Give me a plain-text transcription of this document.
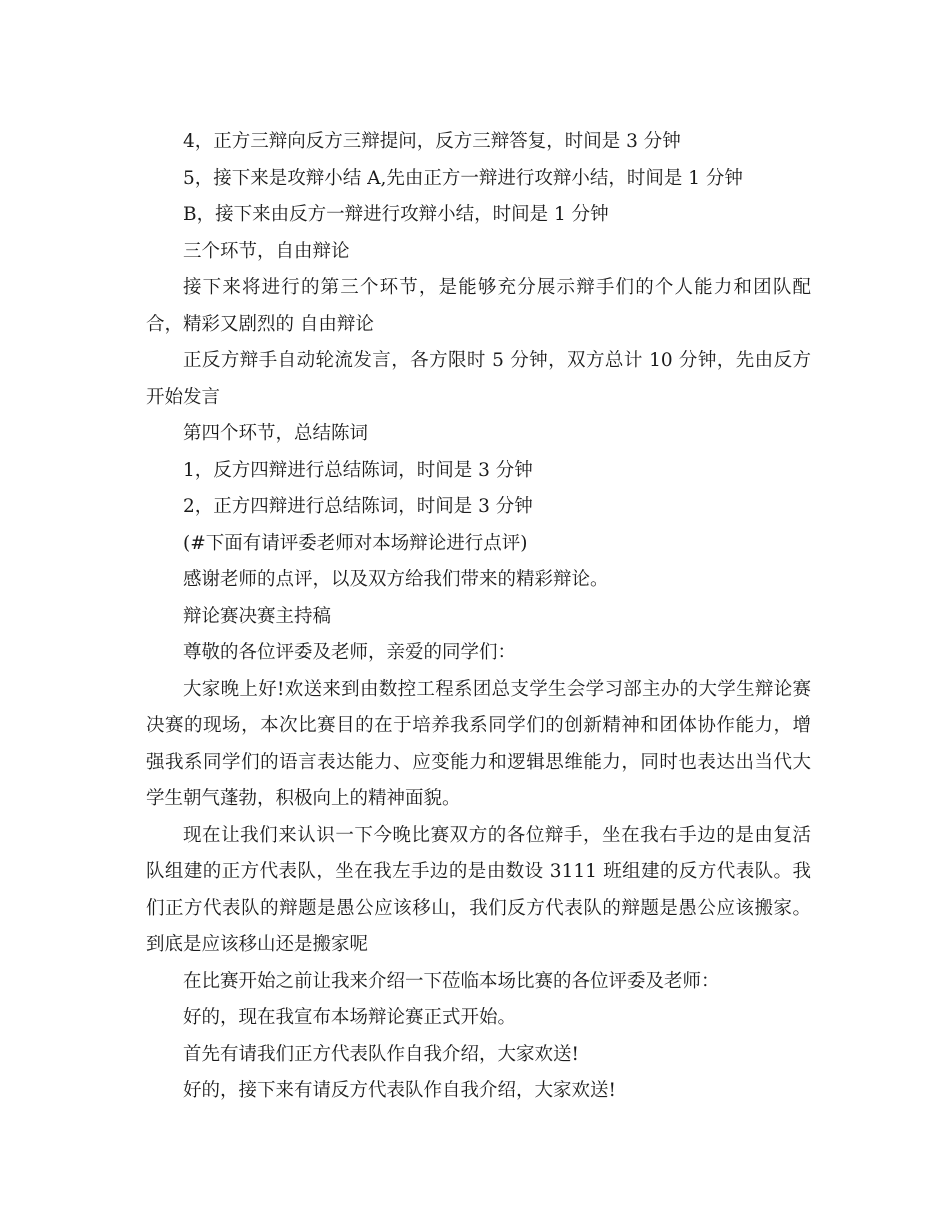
4，正方三辩向反方三辩提问，反方三辩答复，时间是 3 分钟

5，接下来是攻辩小结 A,先由正方一辩进行攻辩小结，时间是 1 分钟

B，接下来由反方一辩进行攻辩小结，时间是 1 分钟

三个环节，自由辩论

接下来将进行的第三个环节，是能够充分展示辩手们的个人能力和团队配合，精彩又剧烈的 自由辩论

正反方辩手自动轮流发言，各方限时 5 分钟，双方总计 10 分钟，先由反方开始发言

第四个环节，总结陈词

1，反方四辩进行总结陈词，时间是 3 分钟

2，正方四辩进行总结陈词，时间是 3 分钟

(#下面有请评委老师对本场辩论进行点评)

感谢老师的点评，以及双方给我们带来的精彩辩论。

辩论赛决赛主持稿

尊敬的各位评委及老师，亲爱的同学们：

大家晚上好!欢送来到由数控工程系团总支学生会学习部主办的大学生辩论赛决赛的现场，本次比赛目的在于培养我系同学们的创新精神和团体协作能力，增强我系同学们的语言表达能力、应变能力和逻辑思维能力，同时也表达出当代大学生朝气蓬勃，积极向上的精神面貌。

现在让我们来认识一下今晚比赛双方的各位辩手，坐在我右手边的是由复活队组建的正方代表队，坐在我左手边的是由数设 3111 班组建的反方代表队。我们正方代表队的辩题是愚公应该移山，我们反方代表队的辩题是愚公应该搬家。到底是应该移山还是搬家呢

在比赛开始之前让我来介绍一下莅临本场比赛的各位评委及老师：

好的，现在我宣布本场辩论赛正式开始。

首先有请我们正方代表队作自我介绍，大家欢送!

好的，接下来有请反方代表队作自我介绍，大家欢送!
